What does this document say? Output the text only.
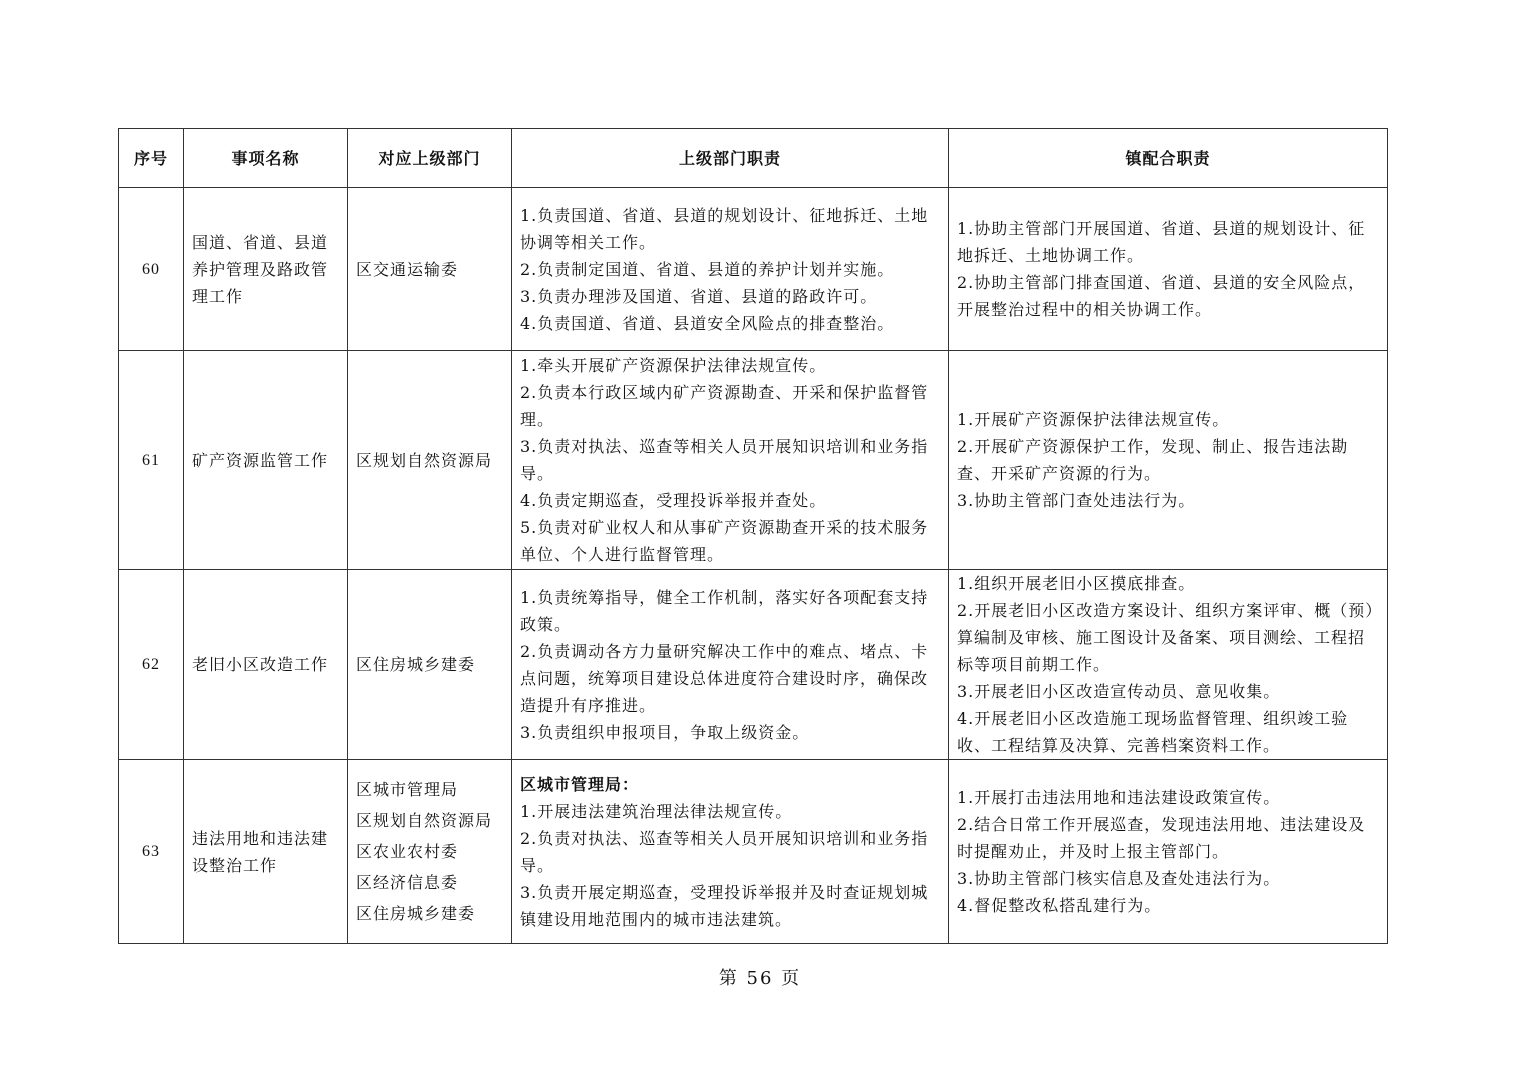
序号	事项名称	对应上级部门	上级部门职责	镇配合职责
60	国道、省道、县道养护管理及路政管理工作	区交通运输委	1.负责国道、省道、县道的规划设计、征地拆迁、土地协调等相关工作。
2.负责制定国道、省道、县道的养护计划并实施。
3.负责办理涉及国道、省道、县道的路政许可。
4.负责国道、省道、县道安全风险点的排查整治。	1.协助主管部门开展国道、省道、县道的规划设计、征地拆迁、土地协调工作。
2.协助主管部门排查国道、省道、县道的安全风险点，开展整治过程中的相关协调工作。

61	矿产资源监管工作	区规划自然资源局	1.牵头开展矿产资源保护法律法规宣传。
2.负责本行政区域内矿产资源勘查、开采和保护监督管理。
3.负责对执法、巡查等相关人员开展知识培训和业务指导。
4.负责定期巡查，受理投诉举报并查处。
5.负责对矿业权人和从事矿产资源勘查开采的技术服务单位、个人进行监督管理。	1.开展矿产资源保护法律法规宣传。
2.开展矿产资源保护工作，发现、制止、报告违法勘查、开采矿产资源的行为。
3.协助主管部门查处违法行为。

62	老旧小区改造工作	区住房城乡建委	1.负责统筹指导，健全工作机制，落实好各项配套支持政策。
2.负责调动各方力量研究解决工作中的难点、堵点、卡点问题，统筹项目建设总体进度符合建设时序，确保改造提升有序推进。
3.负责组织申报项目，争取上级资金。	1.组织开展老旧小区摸底排查。
2.开展老旧小区改造方案设计、组织方案评审、概（预）算编制及审核、施工图设计及备案、项目测绘、工程招标等项目前期工作。
3.开展老旧小区改造宣传动员、意见收集。
4.开展老旧小区改造施工现场监督管理、组织竣工验收、工程结算及决算、完善档案资料工作。

63	违法用地和违法建设整治工作	区城市管理局
区规划自然资源局
区农业农村委
区经济信息委
区住房城乡建委	区城市管理局：
1.开展违法建筑治理法律法规宣传。
2.负责对执法、巡查等相关人员开展知识培训和业务指导。
3.负责开展定期巡查，受理投诉举报并及时查证规划城镇建设用地范围内的城市违法建筑。	1.开展打击违法用地和违法建设政策宣传。
2.结合日常工作开展巡查，发现违法用地、违法建设及时提醒劝止，并及时上报主管部门。
3.协助主管部门核实信息及查处违法行为。
4.督促整改私搭乱建行为。
第 56 页
